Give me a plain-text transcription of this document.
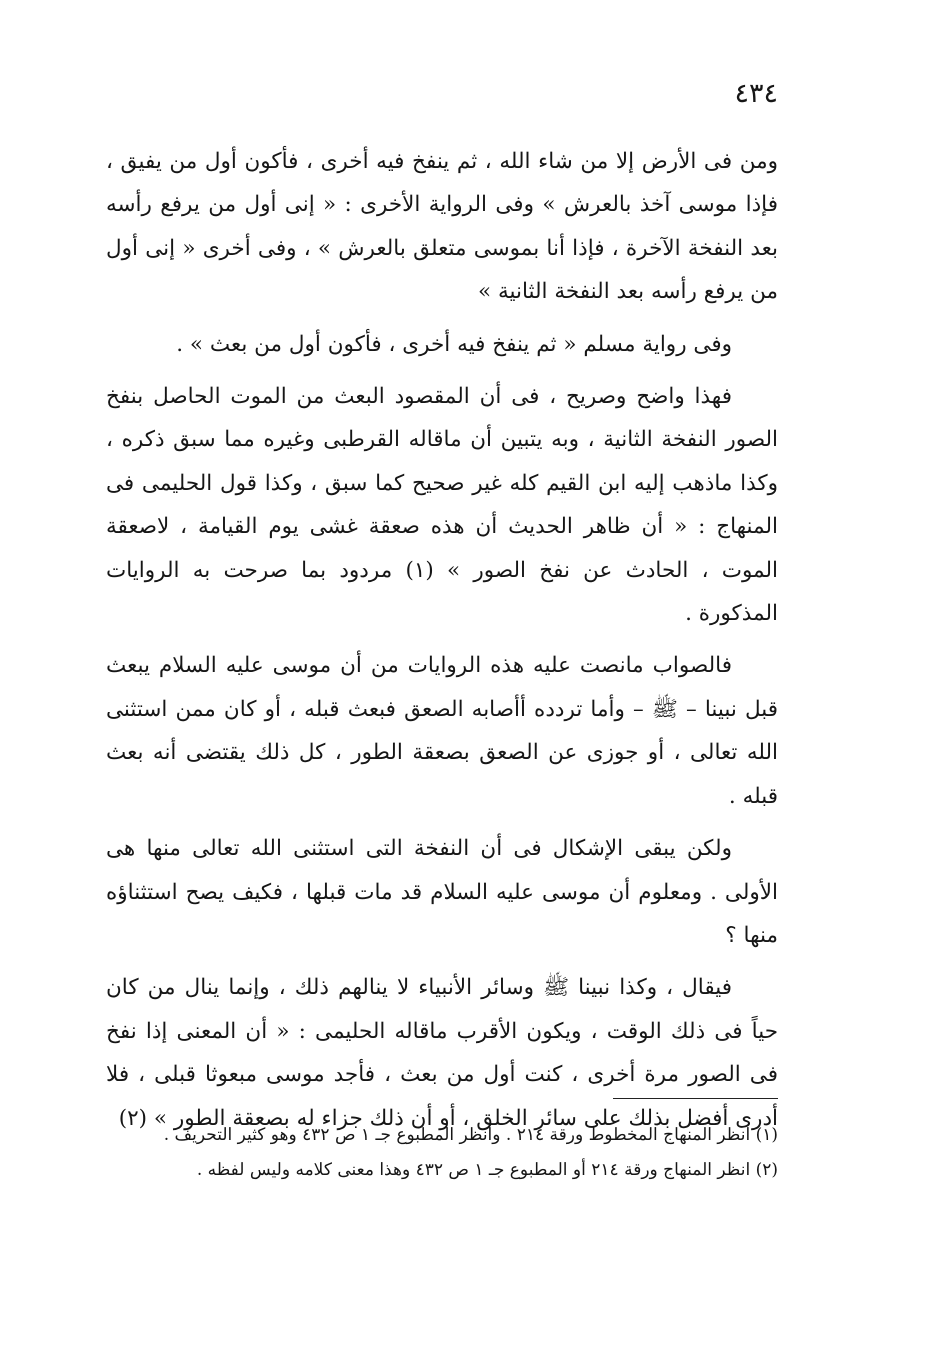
٤٣٤

ومن فى الأرض إلا من شاء الله ، ثم ينفخ فيه أخرى ، فأكون أول من يفيق ، فإذا موسى آخذ بالعرش » وفى الرواية الأخرى : « إنى أول من يرفع رأسه بعد النفخة الآخرة ، فإذا أنا بموسى متعلق بالعرش » ، وفى أخرى « إنى أول من يرفع رأسه بعد النفخة الثانية »

وفى رواية مسلم « ثم ينفخ فيه أخرى ، فأكون أول من بعث » .

فهذا واضح وصريح ، فى أن المقصود البعث من الموت الحاصل بنفخ الصور النفخة الثانية ، وبه يتبين أن ماقاله القرطبى وغيره مما سبق ذكره ، وكذا ماذهب إليه ابن القيم كله غير صحيح كما سبق ، وكذا قول الحليمى فى المنهاج : « أن ظاهر الحديث أن هذه صعقة غشى يوم القيامة ، لاصعقة الموت ، الحادث عن نفخ الصور » (١) مردود بما صرحت به الروايات المذكورة .

فالصواب مانصت عليه هذه الروايات من أن موسى عليه السلام يبعث قبل نبينا – ﷺ – وأما تردده أأصابه الصعق فبعث قبله ، أو كان ممن استثنى الله تعالى ، أو جوزى عن الصعق بصعقة الطور ، كل ذلك يقتضى أنه بعث قبله .

ولكن يبقى الإشكال فى أن النفخة التى استثنى الله تعالى منها هى الأولى . ومعلوم أن موسى عليه السلام قد مات قبلها ، فكيف يصح استثناؤه منها ؟

فيقال ، وكذا نبينا ﷺ وسائر الأنبياء لا ينالهم ذلك ، وإنما ينال من كان حياً فى ذلك الوقت ، ويكون الأقرب ماقاله الحليمى : « أن المعنى إذا نفخ فى الصور مرة أخرى ، كنت أول من بعث ، فأجد موسى مبعوثا قبلى ، فلا أدرى أفضل بذلك على سائر الخلق ، أو أن ذلك جزاء له بصعقة الطور » (٢)

(١) انظر المنهاج المخطوط ورقة ٢١٤ . وانظر المطبوع جـ ١ ص ٤٣٢ وهو كثير التحريف .

(٢) انظر المنهاج ورقة ٢١٤ أو المطبوع جـ ١ ص ٤٣٢ وهذا معنى كلامه وليس لفظه .
